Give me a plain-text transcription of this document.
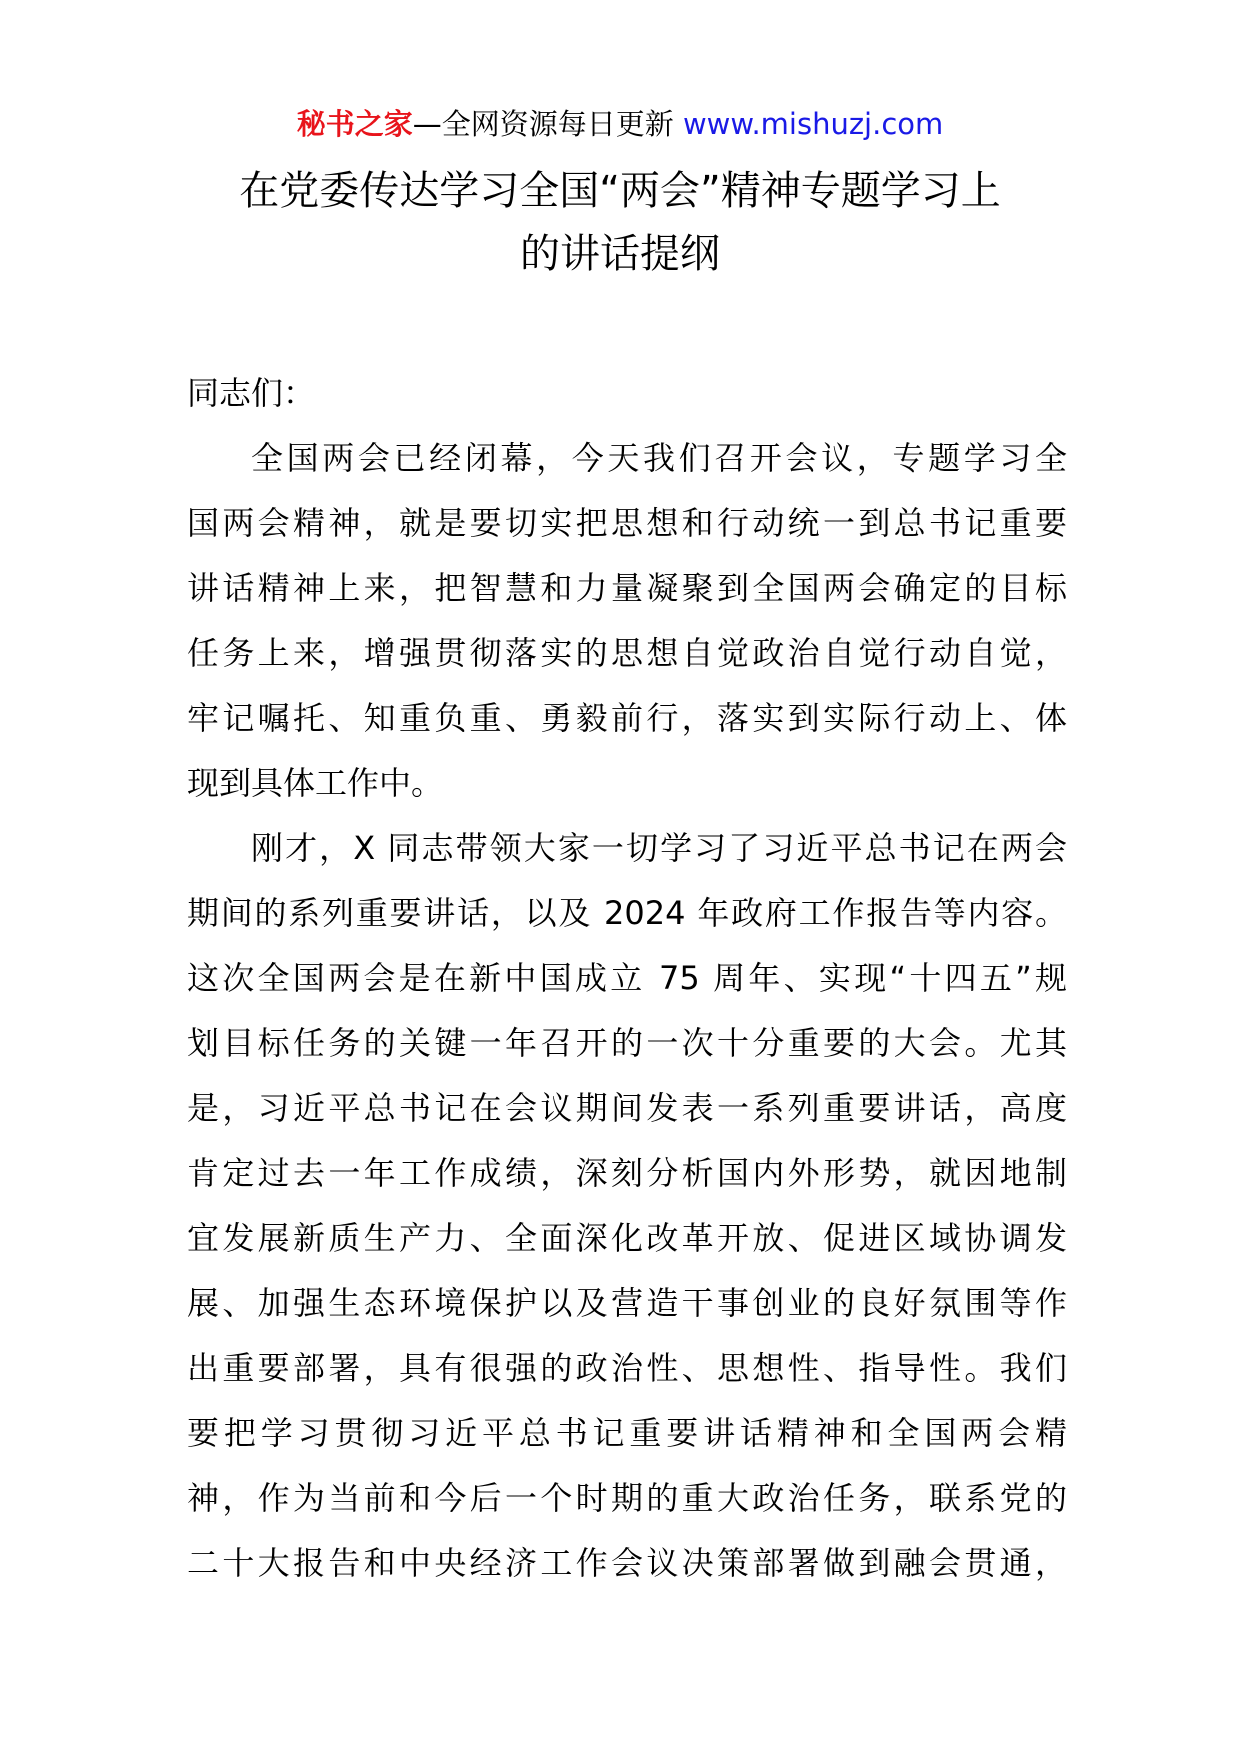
秘书之家—全网资源每日更新 www.mishuzj.com
在党委传达学习全国“两会”精神专题学习上
的讲话提纲
同志们：
全国两会已经闭幕，今天我们召开会议，专题学习全
国两会精神，就是要切实把思想和行动统一到总书记重要
讲话精神上来，把智慧和力量凝聚到全国两会确定的目标
任务上来，增强贯彻落实的思想自觉政治自觉行动自觉，
牢记嘱托、知重负重、勇毅前行，落实到实际行动上、体
现到具体工作中。
刚才，X 同志带领大家一切学习了习近平总书记在两会
期间的系列重要讲话，以及 2024 年政府工作报告等内容。
这次全国两会是在新中国成立 75 周年、实现“十四五”规
划目标任务的关键一年召开的一次十分重要的大会。尤其
是，习近平总书记在会议期间发表一系列重要讲话，高度
肯定过去一年工作成绩，深刻分析国内外形势，就因地制
宜发展新质生产力、全面深化改革开放、促进区域协调发
展、加强生态环境保护以及营造干事创业的良好氛围等作
出重要部署，具有很强的政治性、思想性、指导性。我们
要把学习贯彻习近平总书记重要讲话精神和全国两会精
神，作为当前和今后一个时期的重大政治任务，联系党的
二十大报告和中央经济工作会议决策部署做到融会贯通，
